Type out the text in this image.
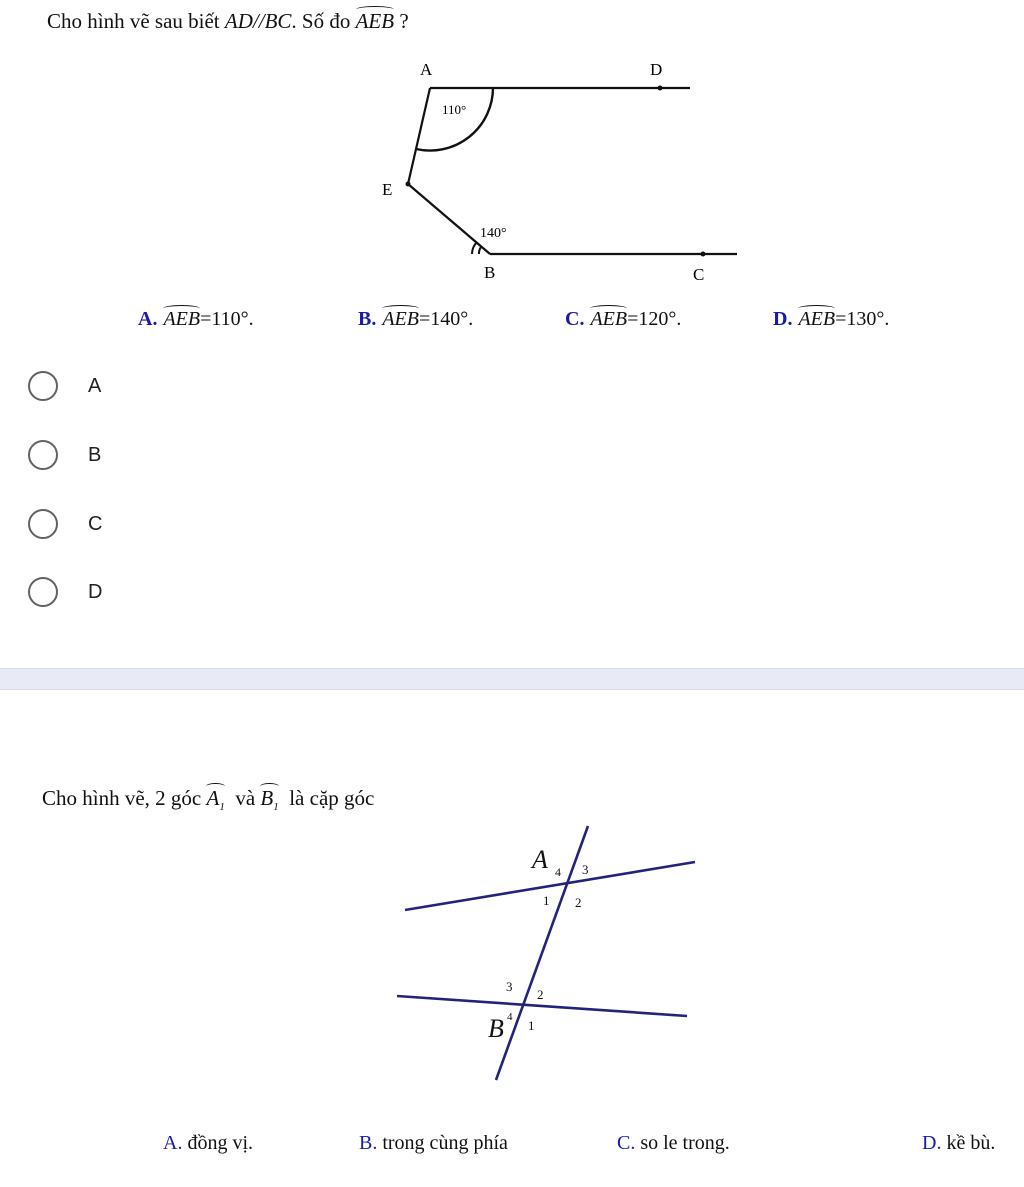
Cho hình vẽ sau biết AD//BC. Số đo AEB ?
A	D
E
B	C
110°
140°
A. AEB=110°.	B. AEB=140°.	C. AEB=120°.	D. AEB=130°.
A
B
C
D
Cho hình vẽ, 2 góc $A_1$ và $B_1$ là cặp góc
A 4 3
1 2
3
2
B 4
1
A. đồng vị.	B. trong cùng phía	C. so le trong.	D. kề bù.
